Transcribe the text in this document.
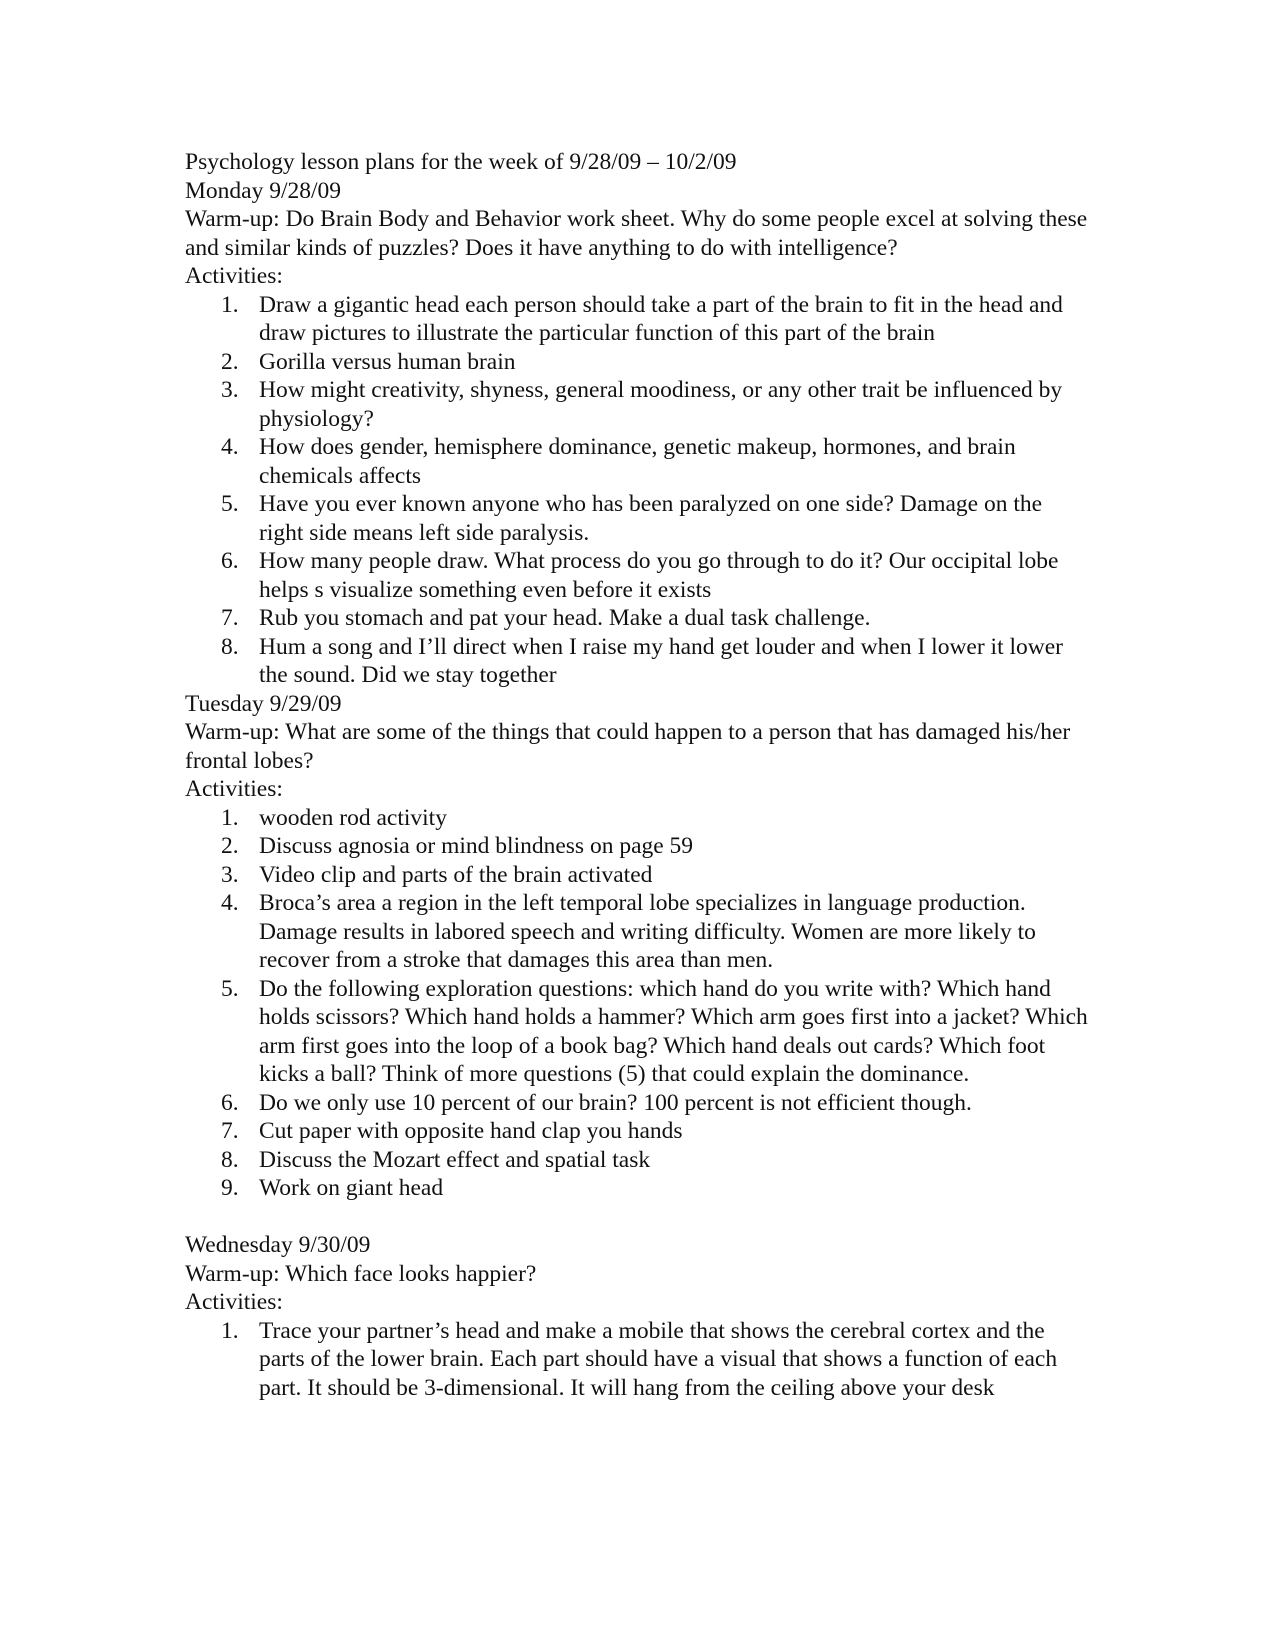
Psychology lesson plans for the week of 9/28/09 – 10/2/09

Monday 9/28/09

Warm-up: Do Brain Body and Behavior work sheet. Why do some people excel at solving these and similar kinds of puzzles? Does it have anything to do with intelligence?

Activities:

1. Draw a gigantic head each person should take a part of the brain to fit in the head and draw pictures to illustrate the particular function of this part of the brain
2. Gorilla versus human brain
3. How might creativity, shyness, general moodiness, or any other trait be influenced by physiology?
4. How does gender, hemisphere dominance, genetic makeup, hormones, and brain chemicals affects
5. Have you ever known anyone who has been paralyzed on one side? Damage on the right side means left side paralysis.
6. How many people draw. What process do you go through to do it? Our occipital lobe helps s visualize something even before it exists
7. Rub you stomach and pat your head. Make a dual task challenge.
8. Hum a song and I’ll direct when I raise my hand get louder and when I lower it lower the sound. Did we stay together

Tuesday 9/29/09

Warm-up: What are some of the things that could happen to a person that has damaged his/her frontal lobes?

Activities:

1. wooden rod activity
2. Discuss agnosia or mind blindness on page 59
3. Video clip and parts of the brain activated
4. Broca’s area a region in the left temporal lobe specializes in language production. Damage results in labored speech and writing difficulty. Women are more likely to recover from a stroke that damages this area than men.
5. Do the following exploration questions: which hand do you write with? Which hand holds scissors? Which hand holds a hammer? Which arm goes first into a jacket? Which arm first goes into the loop of a book bag? Which hand deals out cards? Which foot kicks a ball? Think of more questions (5) that could explain the dominance.
6. Do we only use 10 percent of our brain? 100 percent is not efficient though.
7. Cut paper with opposite hand clap you hands
8. Discuss the Mozart effect and spatial task
9. Work on giant head

Wednesday 9/30/09

Warm-up: Which face looks happier?

Activities:

1. Trace your partner’s head and make a mobile that shows the cerebral cortex and the parts of the lower brain. Each part should have a visual that shows a function of each part. It should be 3-dimensional. It will hang from the ceiling above your desk
